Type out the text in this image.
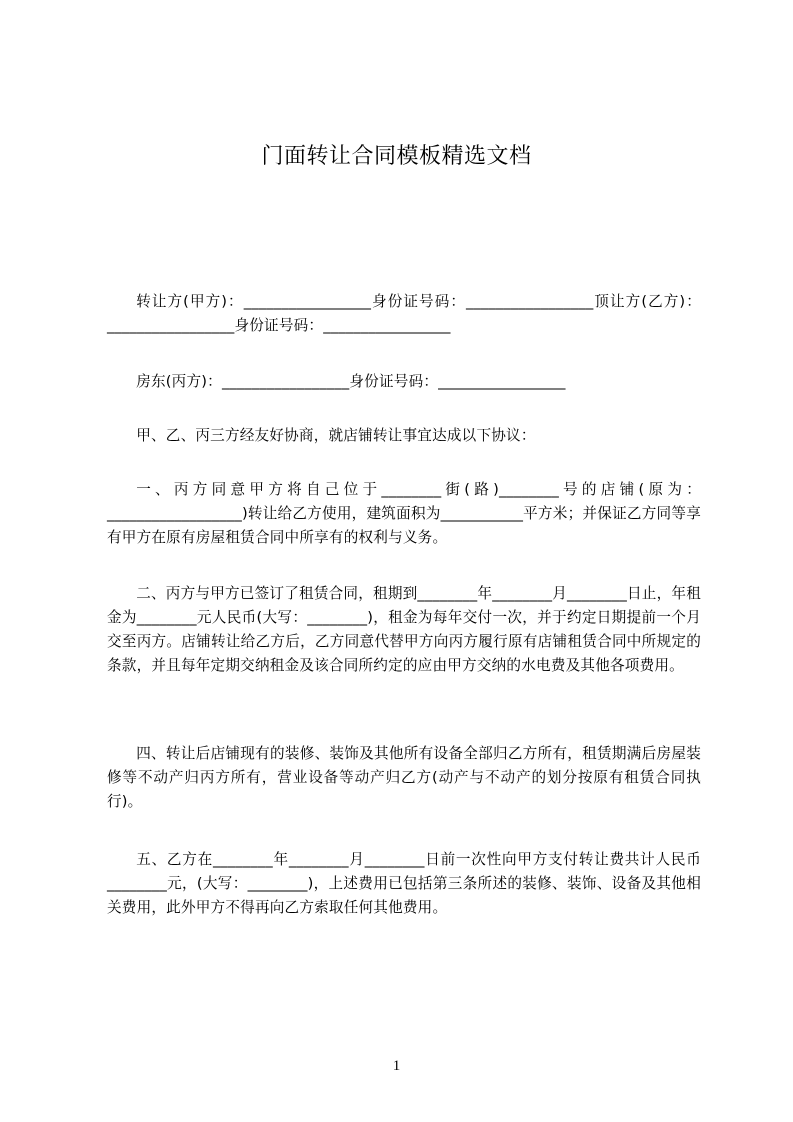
门面转让合同模板精选文档

转让方(甲方)：_________________身份证号码：_________________顶让方(乙方)：_________________身份证号码：_________________

房东(丙方)：_________________身份证号码：_________________

甲、乙、丙三方经友好协商，就店铺转让事宜达成以下协议：

一、丙方同意甲方将自己位于________街(路)________号的店铺(原为：__________________)转让给乙方使用，建筑面积为___________平方米；并保证乙方同等享有甲方在原有房屋租赁合同中所享有的权利与义务。

二、丙方与甲方已签订了租赁合同，租期到________年________月________日止，年租金为________元人民币(大写：________)，租金为每年交付一次，并于约定日期提前一个月交至丙方。店铺转让给乙方后，乙方同意代替甲方向丙方履行原有店铺租赁合同中所规定的条款，并且每年定期交纳租金及该合同所约定的应由甲方交纳的水电费及其他各项费用。

四、转让后店铺现有的装修、装饰及其他所有设备全部归乙方所有，租赁期满后房屋装修等不动产归丙方所有，营业设备等动产归乙方(动产与不动产的划分按原有租赁合同执行)。

五、乙方在________年________月________日前一次性向甲方支付转让费共计人民币________元，(大写：________)，上述费用已包括第三条所述的装修、装饰、设备及其他相关费用，此外甲方不得再向乙方索取任何其他费用。

1
